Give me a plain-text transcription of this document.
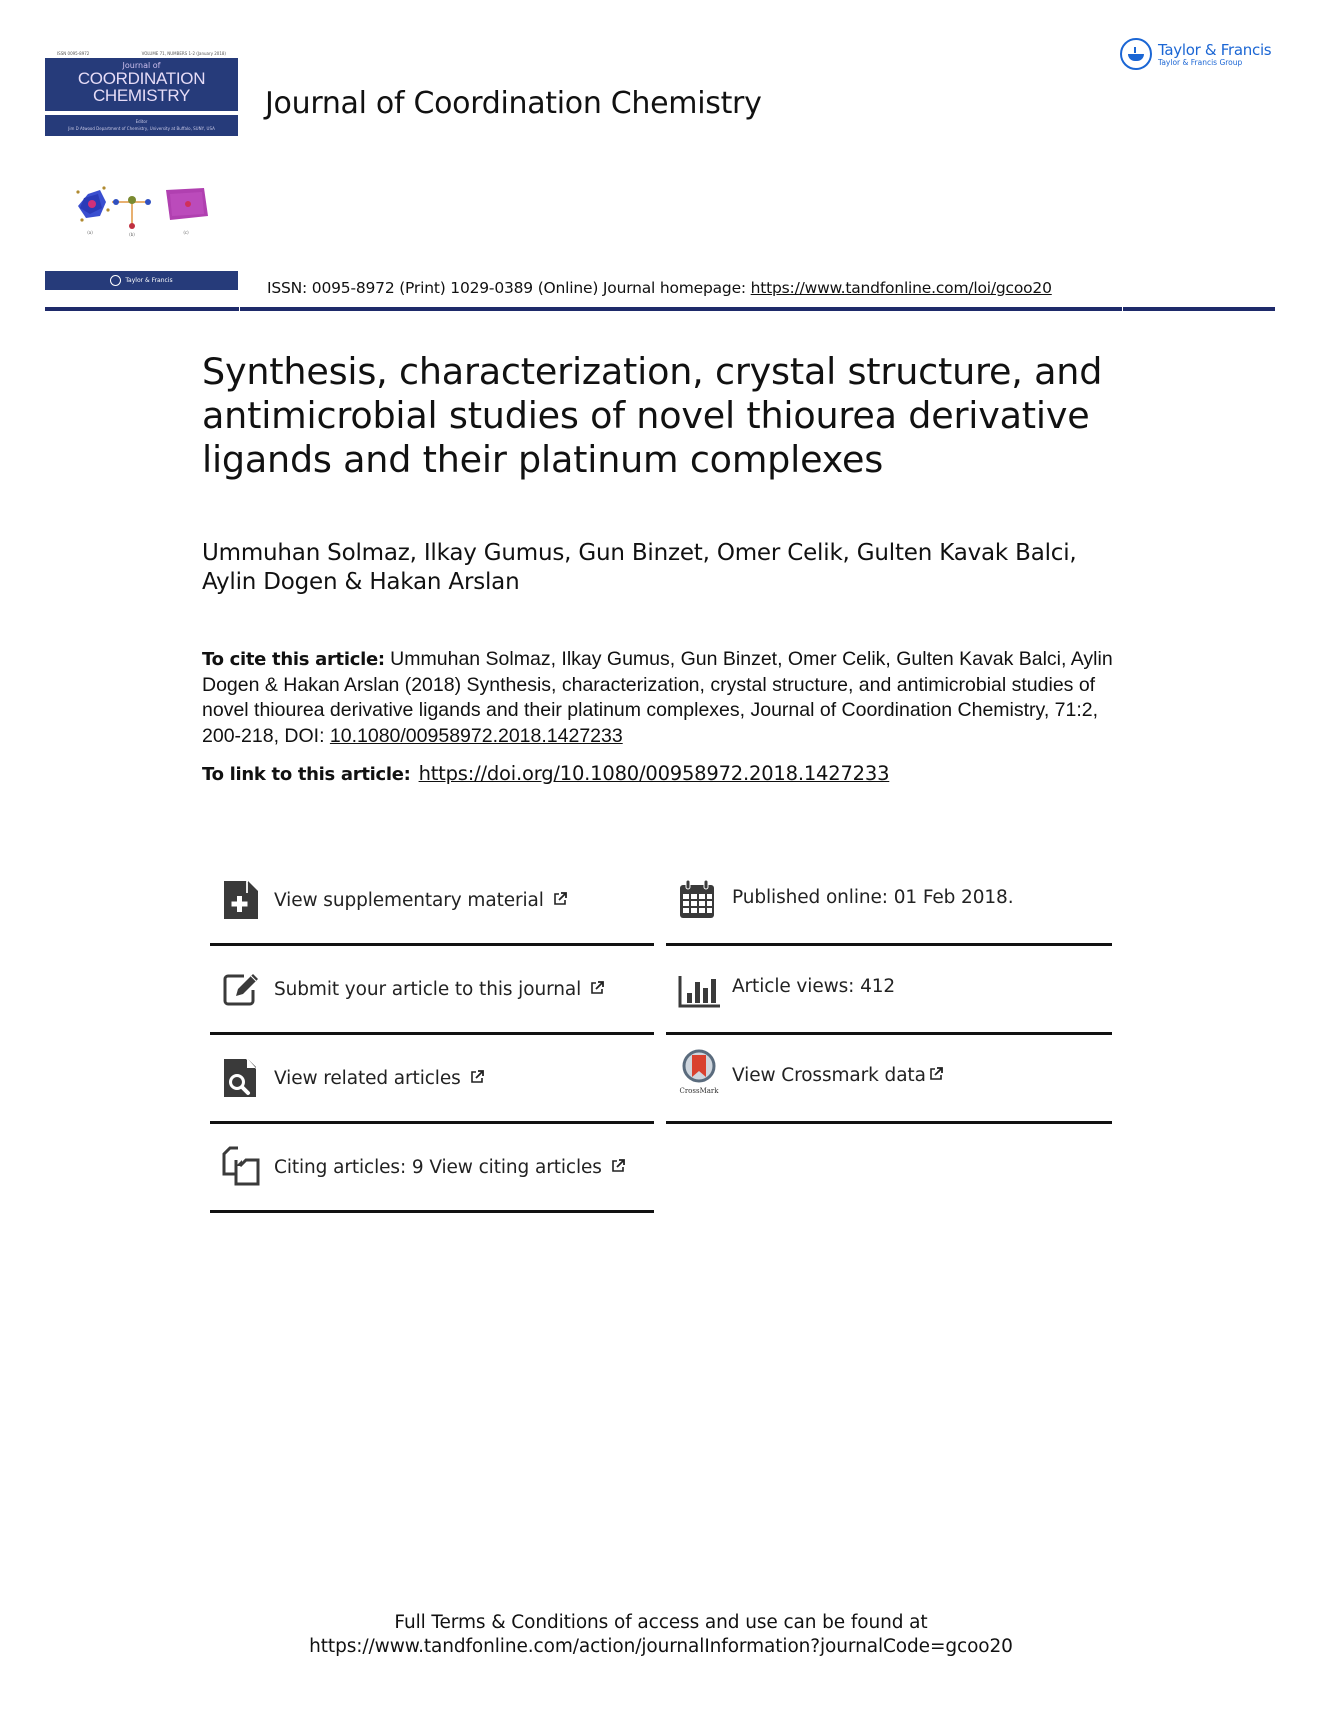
ISSN 0095-8972	VOLUME 71, NUMBERS 1-2 (January 2018)
Journal of
COORDINATION
CHEMISTRY
Editor
Jim D Atwood Department of Chemistry, University at Buffalo, SUNY, USA
(a)	(b)	(c)
Taylor & Francis
Journal of Coordination Chemistry
Taylor & Francis
Taylor & Francis Group
ISSN: 0095-8972 (Print) 1029-0389 (Online) Journal homepage: https://www.tandfonline.com/loi/gcoo20
Synthesis, characterization, crystal structure, and antimicrobial studies of novel thiourea derivative ligands and their platinum complexes
Ummuhan Solmaz, Ilkay Gumus, Gun Binzet, Omer Celik, Gulten Kavak Balci, Aylin Dogen & Hakan Arslan
To cite this article: Ummuhan Solmaz, Ilkay Gumus, Gun Binzet, Omer Celik, Gulten Kavak Balci, Aylin Dogen & Hakan Arslan (2018) Synthesis, characterization, crystal structure, and antimicrobial studies of novel thiourea derivative ligands and their platinum complexes, Journal of Coordination Chemistry, 71:2, 200-218, DOI: 10.1080/00958972.2018.1427233
To link to this article: https://doi.org/10.1080/00958972.2018.1427233
View supplementary material
Submit your article to this journal
View related articles
Citing articles: 9 View citing articles
Published online: 01 Feb 2018.
Article views: 412
CrossMark
View Crossmark data
Full Terms & Conditions of access and use can be found at
https://www.tandfonline.com/action/journalInformation?journalCode=gcoo20
